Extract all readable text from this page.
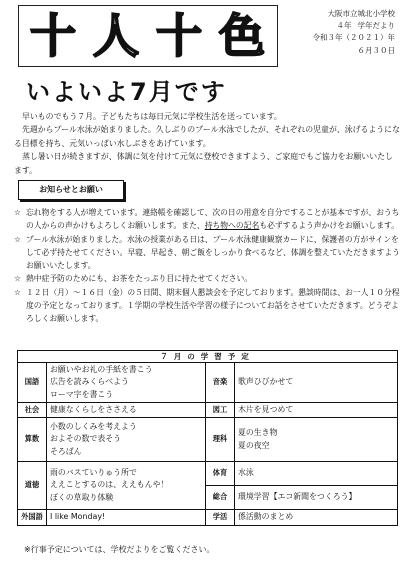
十 人 十 色	大阪市立城北小学校
４年 学年だより
令和３年（２０２１）年
６月３０日
いよいよ7月です

早いものでもう７月。子どもたちは毎日元気に学校生活を送っています。

先週からプール水泳が始まりました。久しぶりのプール水泳でしたが、それぞれの児童が、泳げるようになる目標を持ち、元気いっぱい水しぶきをあげています。

蒸し暑い日が続きますが、体調に気を付けて元気に登校できますよう、ご家庭でもご協力をお願いいたします。

お知らせとお願い
☆ 忘れ物をする人が増えています。連絡帳を確認して、次の日の用意を自分ですることが基本ですが、おうちの人からの声かけもよろしくお願いします。また、持ち物への記名も必ずするよう声かけをお願いします。
☆ プール水泳が始まりました。水泳の授業がある日は、プール水泳健康観察カードに、保護者の方がサインをして必ず持たせてください。早寝、早起き、朝ご飯をしっかり食べるなど、体調を整えていただきますようお願いいたします。
☆ 熱中症予防のためにも、お茶をたっぷり目に持たせてください。
☆ １２日（月）～１６日（金）の５日間、期末個人懇談会を予定しております。懇談時間は、お一人１０分程度の予定となっております。１学期の学校生活や学習の様子についてお話をさせていただきます。どうぞよろしくお願いします。
７月の学習予定			
国語	お願いやお礼の手紙を書こう
広告を読みくらべよう
ローマ字を書こう	音楽	歌声ひびかせて

社会	健康なくらしをささえる	図工	木片を見つめて

算数	小数のしくみを考えよう
およその数で表そう
そろばん	理科	夏の生き物
夏の夜空

道徳	雨のバスていりゅう所で
ええことするのは、ええもんや！
ぼくの草取り体験	体育	水泳

		総合	環境学習【エコ新聞をつくろう】

外国語	I like Monday!	学活	係活動のまとめ
※行事予定については、学校だよりをご覧ください。
